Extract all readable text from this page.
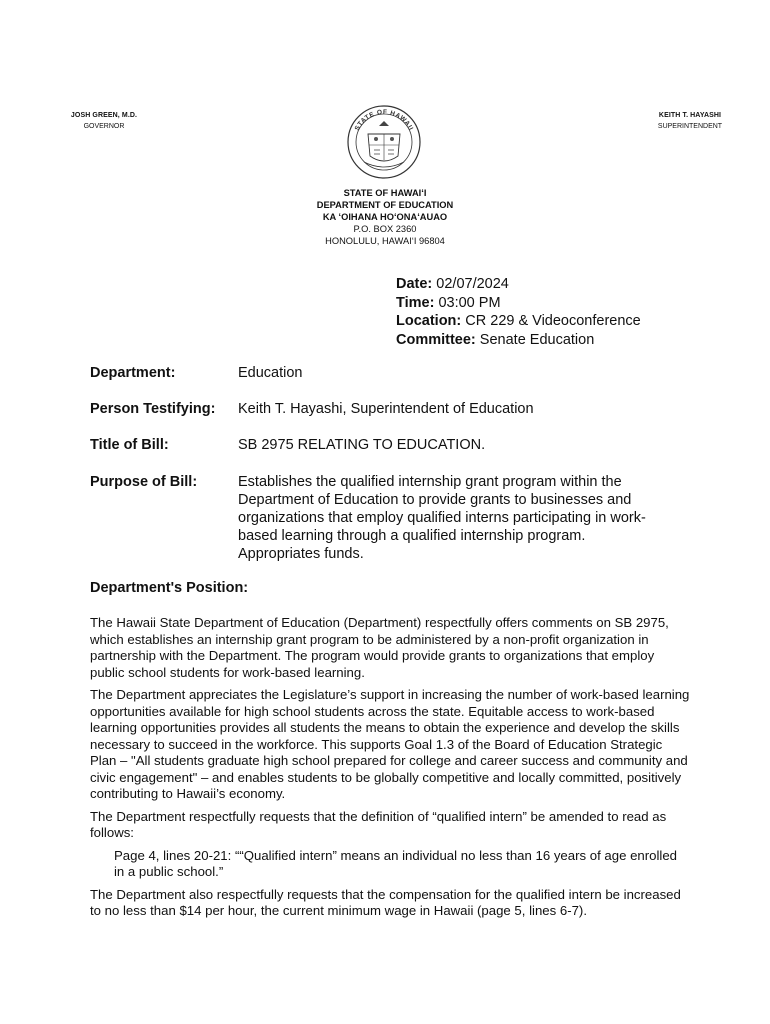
JOSH GREEN, M.D.
GOVERNOR	STATE OF HAWAII
KEITH T. HAYASHI
SUPERINTENDENT
STATE OF HAWAIʻI
DEPARTMENT OF EDUCATION
KA ʻOIHANA HOʻONAʻAUAO
P.O. BOX 2360
HONOLULU, HAWAIʻI 96804
Date: 02/07/2024
Time: 03:00 PM
Location: CR 229 & Videoconference
Committee: Senate Education
Department:	Education
Person Testifying:	Keith T. Hayashi, Superintendent of Education
Title of Bill:	SB 2975 RELATING TO EDUCATION.
Purpose of Bill:	Establishes the qualified internship grant program within the Department of Education to provide grants to businesses and organizations that employ qualified interns participating in work-based learning through a qualified internship program. Appropriates funds.
Department's Position:

The Hawaii State Department of Education (Department) respectfully offers comments on SB 2975, which establishes an internship grant program to be administered by a non-profit organization in partnership with the Department. The program would provide grants to organizations that employ public school students for work-based learning.

The Department appreciates the Legislature’s support in increasing the number of work-based learning opportunities available for high school students across the state. Equitable access to work-based learning opportunities provides all students the means to obtain the experience and develop the skills necessary to succeed in the workforce. This supports Goal 1.3 of the Board of Education Strategic Plan – "All students graduate high school prepared for college and career success and community and civic engagement" – and enables students to be globally competitive and locally committed, positively contributing to Hawaii’s economy.

The Department respectfully requests that the definition of “qualified intern” be amended to read as follows:

Page 4, lines 20-21: ““Qualified intern” means an individual no less than 16 years of age enrolled in a public school.”

The Department also respectfully requests that the compensation for the qualified intern be increased to no less than $14 per hour, the current minimum wage in Hawaii (page 5, lines 6-7).
